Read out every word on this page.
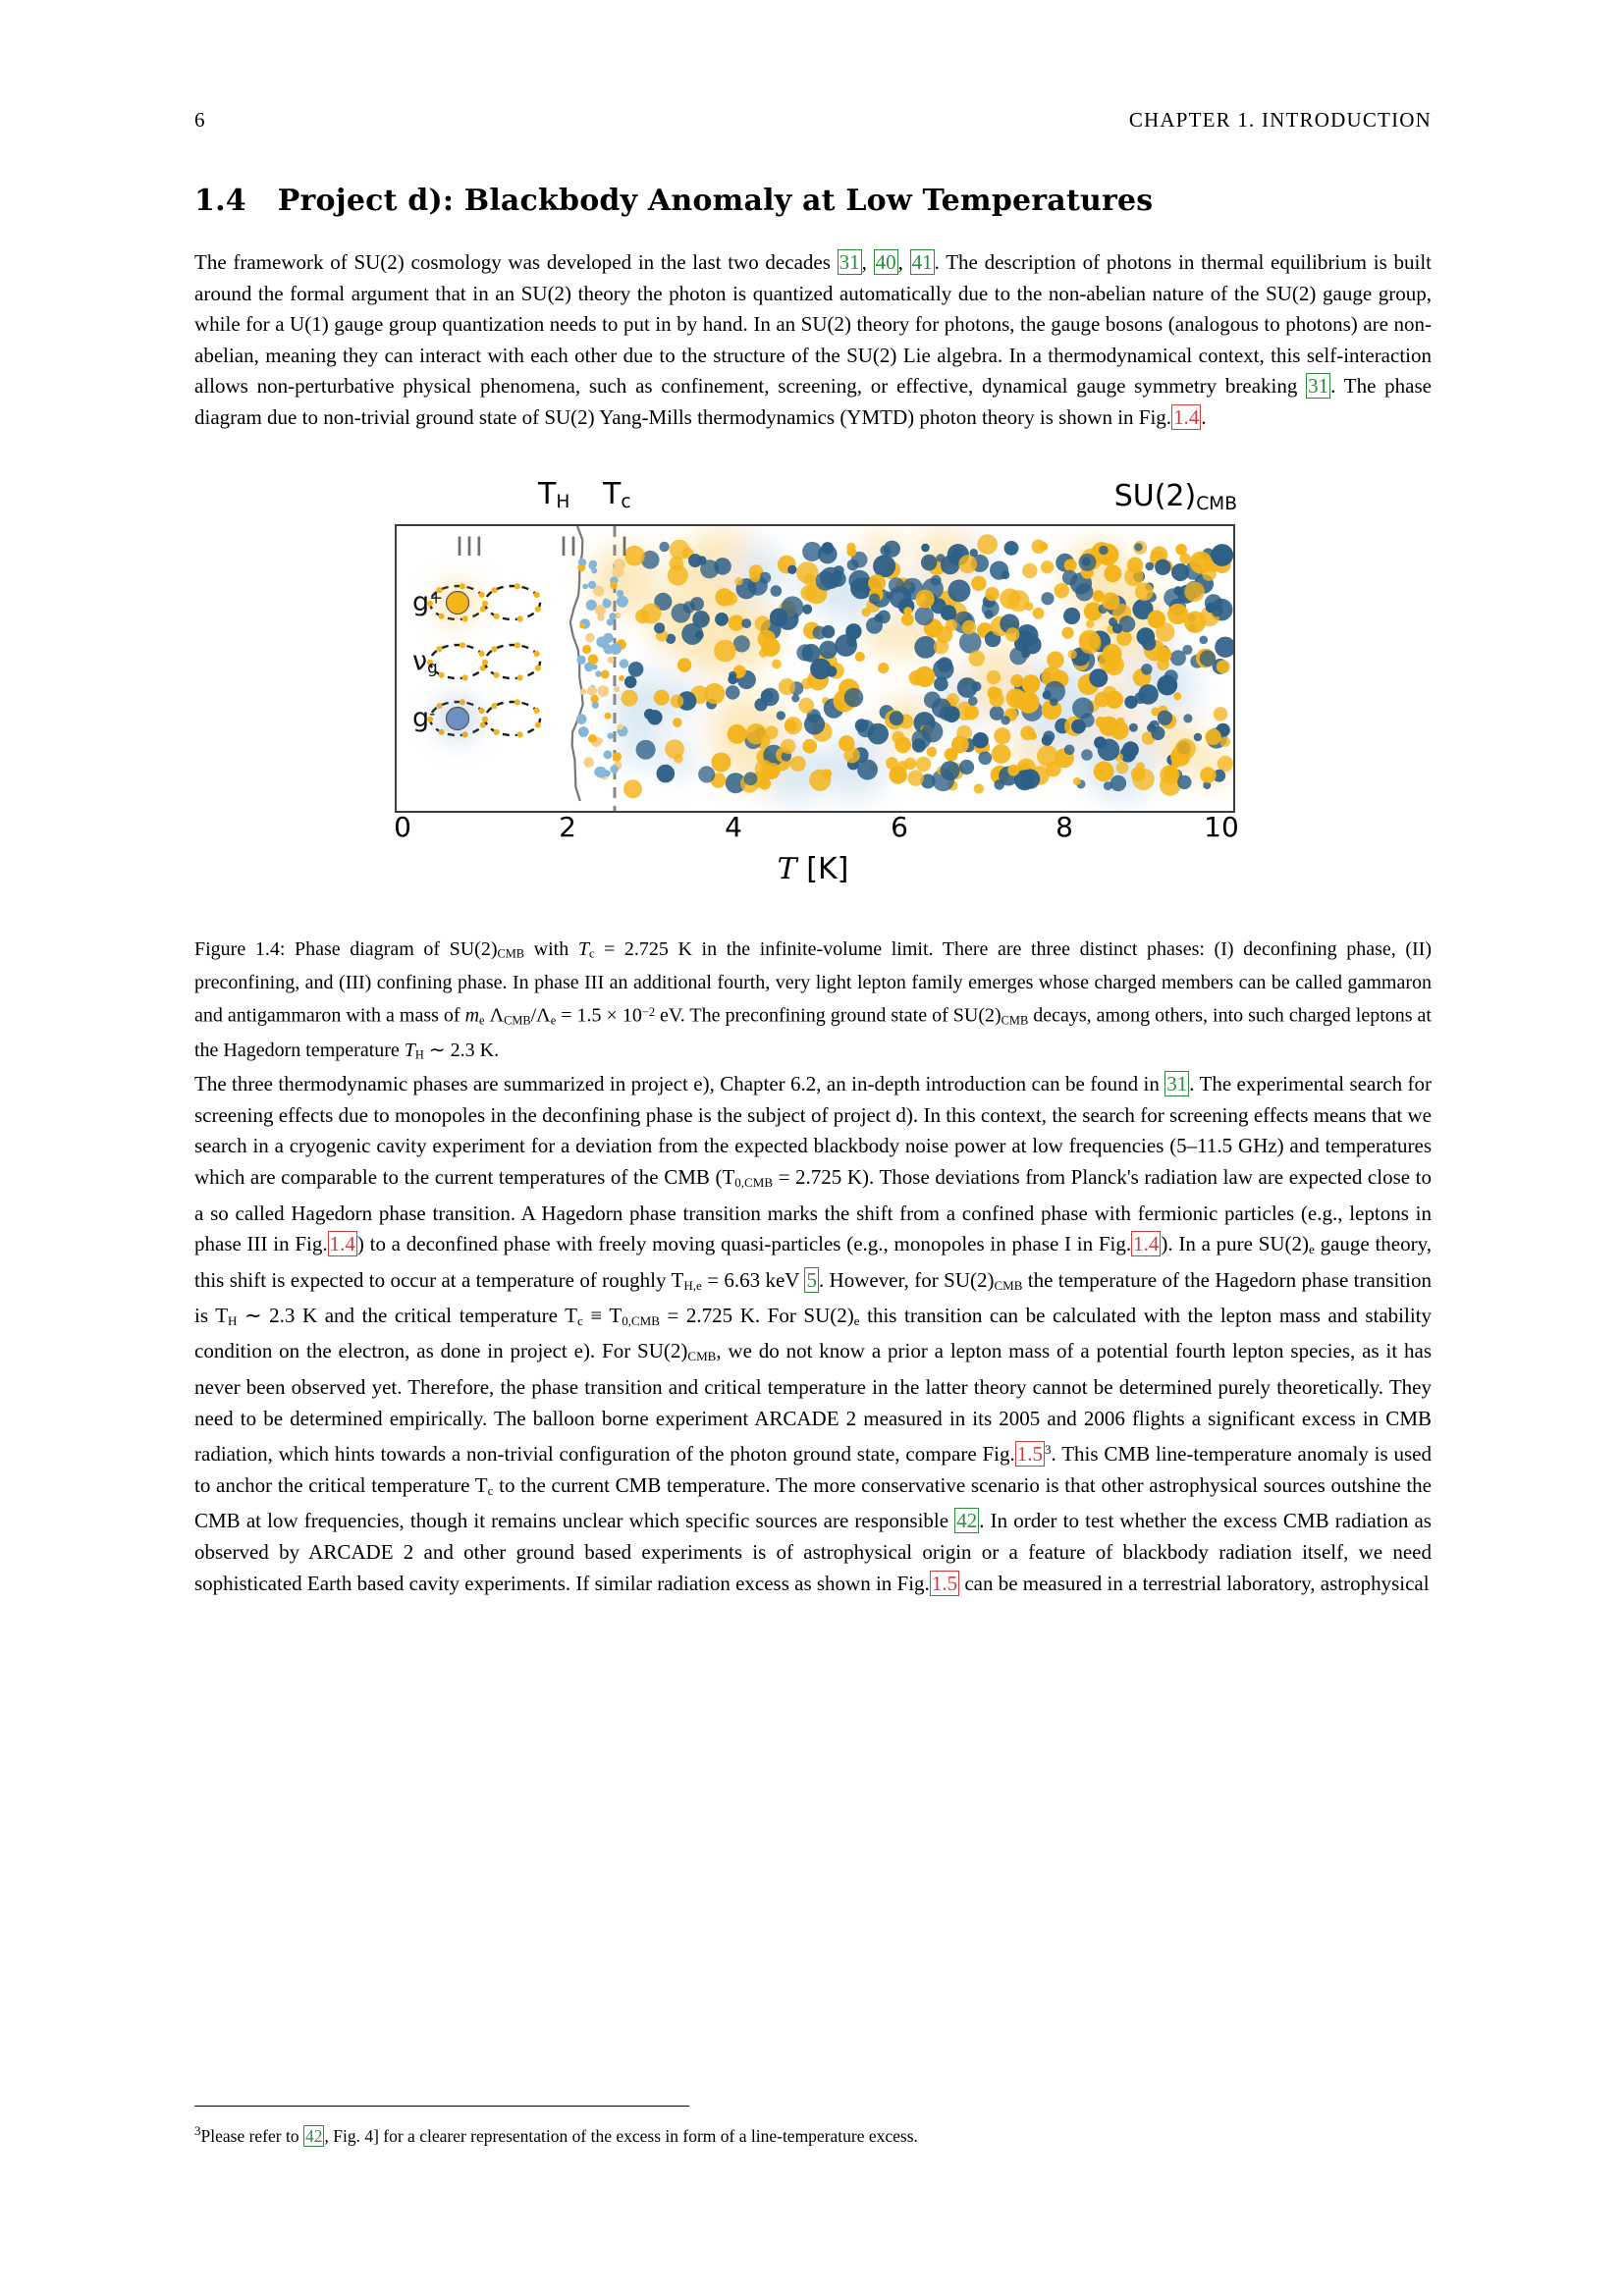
6	CHAPTER 1. INTRODUCTION
1.4 Project d): Blackbody Anomaly at Low Temperatures

The framework of SU(2) cosmology was developed in the last two decades 31, 40, 41. The description of photons in thermal equilibrium is built around the formal argument that in an SU(2) theory the photon is quantized automatically due to the non-abelian nature of the SU(2) gauge group, while for a U(1) gauge group quantization needs to put in by hand. In an SU(2) theory for photons, the gauge bosons (analogous to photons) are non-abelian, meaning they can interact with each other due to the structure of the SU(2) Lie algebra. In a thermodynamical context, this self-interaction allows non-perturbative physical phenomena, such as confinement, screening, or effective, dynamical gauge symmetry breaking 31. The phase diagram due to non-trivial ground state of SU(2) Yang-Mills thermodynamics (YMTD) photon theory is shown in Fig.1.4.

$T_H$ $T_c$	$SU(2)_{CMB}$
III	II I
g+
$\nu_g$
g-
0	2	4	6	8	10
T [K]
Figure 1.4: Phase diagram of $SU(2)_{CMB}$ with $T_c = 2.725$ K in the infinite-volume limit. There are three distinct phases: (I) deconfining phase, (II) preconfining, and (III) confining phase. In phase III an additional fourth, very light lepton family emerges whose charged members can be called gammaron and antigammaron with a mass of $m_e$ $\Lambda_{CMB}/\Lambda_e = 1.5 \times 10^{-2}$ eV. The preconfining ground state of $SU(2)_{CMB}$ decays, among others, into such charged leptons at the Hagedorn temperature $T_H$ ∼ 2.3 K.

The three thermodynamic phases are summarized in project e), Chapter 6.2, an in-depth introduction can be found in 31. The experimental search for screening effects due to monopoles in the deconfining phase is the subject of project d). In this context, the search for screening effects means that we search in a cryogenic cavity experiment for a deviation from the expected blackbody noise power at low frequencies (5–11.5 GHz) and temperatures which are comparable to the current temperatures of the CMB ($T_{0,CMB} = 2.725$ K). Those deviations from Planck's radiation law are expected close to a so called Hagedorn phase transition. A Hagedorn phase transition marks the shift from a confined phase with fermionic particles (e.g., leptons in phase III in Fig.1.4) to a deconfined phase with freely moving quasi-particles (e.g., monopoles in phase I in Fig.1.4). In a pure $SU(2)_e$ gauge theory, this shift is expected to occur at a temperature of roughly $T_{H,e} = 6.63$ keV 5. However, for $SU(2)_{CMB}$ the temperature of the Hagedorn phase transition is $T_H$ ∼ 2.3 K and the critical temperature $T_c \equiv T_{0,CMB} = 2.725$ K. For $SU(2)_e$ this transition can be calculated with the lepton mass and stability condition on the electron, as done in project e). For $SU(2)_{CMB}$, we do not know a prior a lepton mass of a potential fourth lepton species, as it has never been observed yet. Therefore, the phase transition and critical temperature in the latter theory cannot be determined purely theoretically. They need to be determined empirically. The balloon borne experiment ARCADE 2 measured in its 2005 and 2006 flights a significant excess in CMB radiation, which hints towards a non-trivial configuration of the photon ground state, compare Fig.1.5 $^3$. This CMB line-temperature anomaly is used to anchor the critical temperature $T_c$ to the current CMB temperature. The more conservative scenario is that other astrophysical sources outshine the CMB at low frequencies, though it remains unclear which specific sources are responsible 42. In order to test whether the excess CMB radiation as observed by ARCADE 2 and other ground based experiments is of astrophysical origin or a feature of blackbody radiation itself, we need sophisticated Earth based cavity experiments. If similar radiation excess as shown in Fig.1.5 can be measured in a terrestrial laboratory, astrophysical

$^3$Please refer to 42 , Fig. 4] for a clearer representation of the excess in form of a line-temperature excess.
